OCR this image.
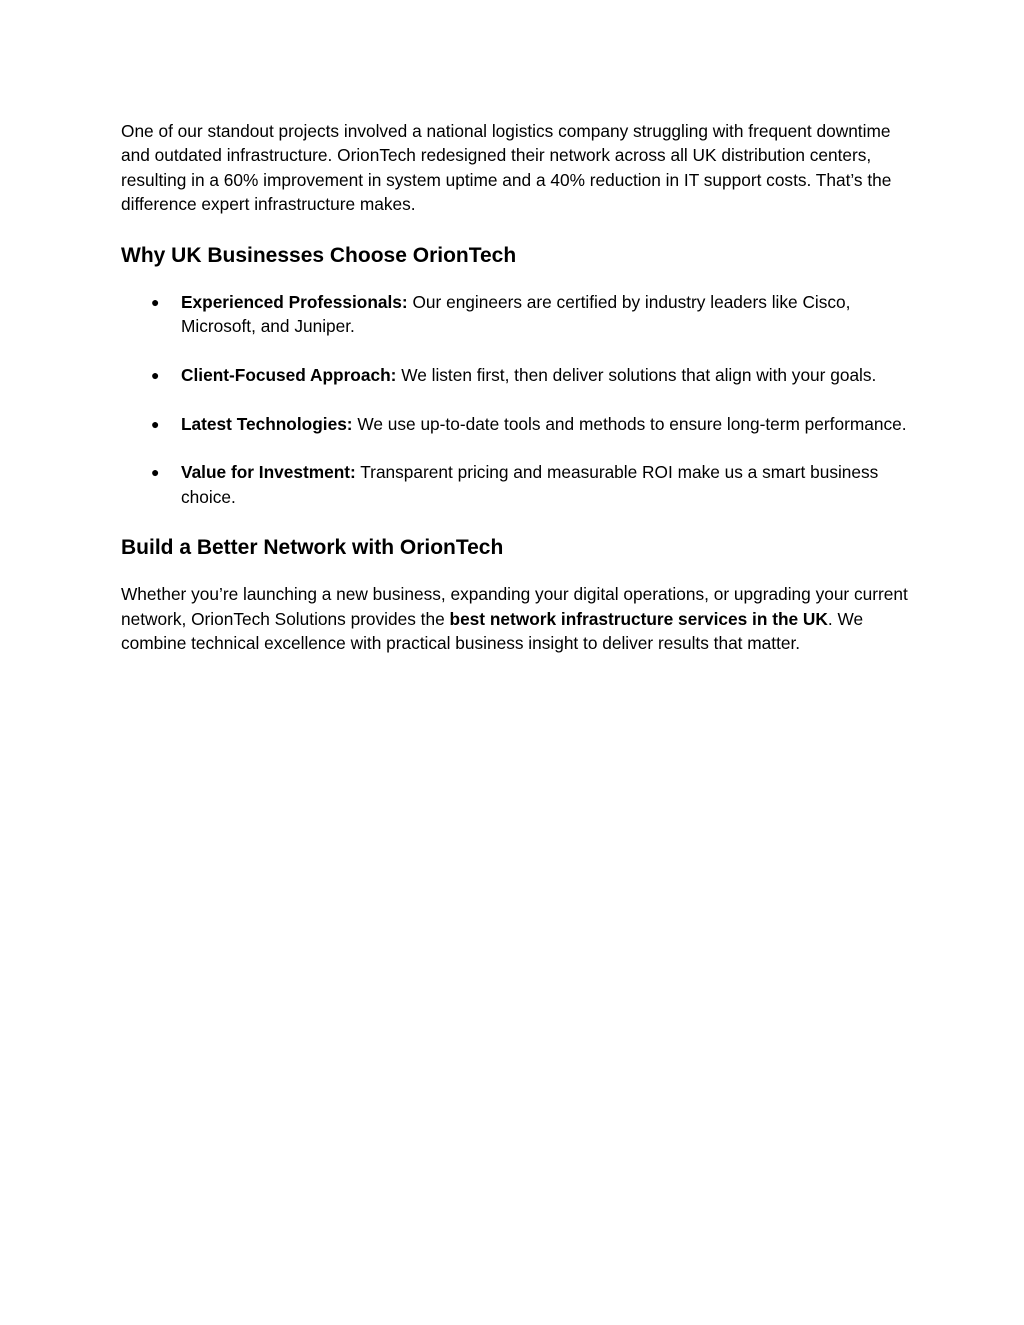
One of our standout projects involved a national logistics company struggling with frequent downtime and outdated infrastructure. OrionTech redesigned their network across all UK distribution centers, resulting in a 60% improvement in system uptime and a 40% reduction in IT support costs. That’s the difference expert infrastructure makes.

Why UK Businesses Choose OrionTech
● Experienced Professionals: Our engineers are certified by industry leaders like Cisco, Microsoft, and Juniper.
● Client-Focused Approach: We listen first, then deliver solutions that align with your goals.
● Latest Technologies: We use up-to-date tools and methods to ensure long-term performance.
● Value for Investment: Transparent pricing and measurable ROI make us a smart business choice.
Build a Better Network with OrionTech

Whether you’re launching a new business, expanding your digital operations, or upgrading your current network, OrionTech Solutions provides the best network infrastructure services in the UK. We combine technical excellence with practical business insight to deliver results that matter.
